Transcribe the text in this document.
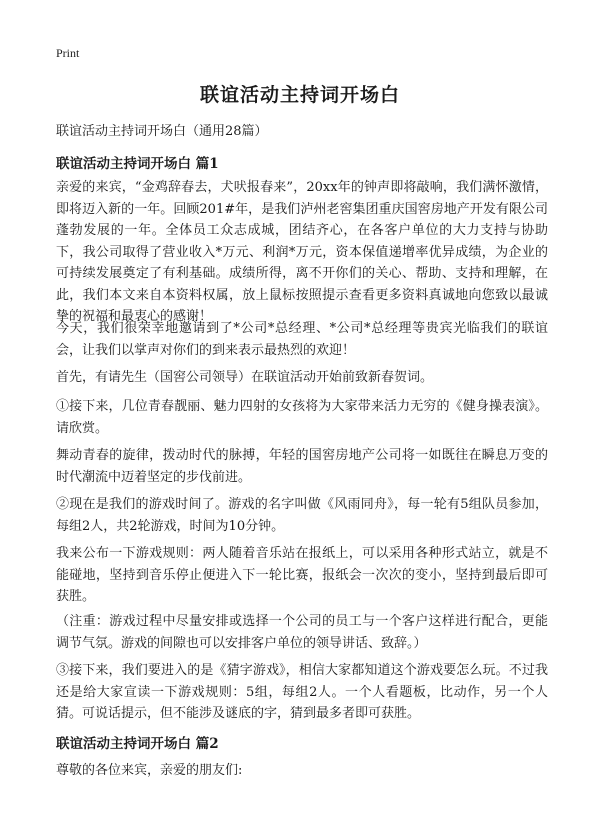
Print
联谊活动主持词开场白
联谊活动主持词开场白（通用28篇）
联谊活动主持词开场白 篇1

亲爱的来宾，“金鸡辞春去，犬吠报春来”，20xx年的钟声即将敲响，我们满怀激情，即将迈入新的一年。回顾201#年，是我们泸州老窖集团重庆国窖房地产开发有限公司蓬勃发展的一年。全体员工众志成城，团结齐心，在各客户单位的大力支持与协助下，我公司取得了营业收入*万元、利润*万元，资本保值递增率优异成绩，为企业的可持续发展奠定了有利基础。成绩所得，离不开你们的关心、帮助、支持和理解，在此，我们本文来自本资料权属，放上鼠标按照提示查看更多资料真诚地向您致以最诚挚的祝福和最衷心的感谢！

今天，我们很荣幸地邀请到了*公司*总经理、*公司*总经理等贵宾光临我们的联谊会，让我们以掌声对你们的到来表示最热烈的欢迎！

首先，有请先生（国窖公司领导）在联谊活动开始前致新春贺词。

①接下来，几位青春靓丽、魅力四射的女孩将为大家带来活力无穷的《健身操表演》。请欣赏。

舞动青春的旋律，拨动时代的脉搏，年轻的国窖房地产公司将一如既往在瞬息万变的时代潮流中迈着坚定的步伐前进。

②现在是我们的游戏时间了。游戏的名字叫做《风雨同舟》，每一轮有5组队员参加，每组2人，共2轮游戏，时间为10分钟。

我来公布一下游戏规则：两人随着音乐站在报纸上，可以采用各种形式站立，就是不能碰地，坚持到音乐停止便进入下一轮比赛，报纸会一次次的变小，坚持到最后即可获胜。

（注重：游戏过程中尽量安排或选择一个公司的员工与一个客户这样进行配合，更能调节气氛。游戏的间隙也可以安排客户单位的领导讲话、致辞。）

③接下来，我们要进入的是《猜字游戏》，相信大家都知道这个游戏要怎么玩。不过我还是给大家宣读一下游戏规则：5组，每组2人。一个人看题板，比动作，另一个人猜。可说话提示，但不能涉及谜底的字，猜到最多者即可获胜。

联谊活动主持词开场白 篇2

尊敬的各位来宾，亲爱的朋友们:
